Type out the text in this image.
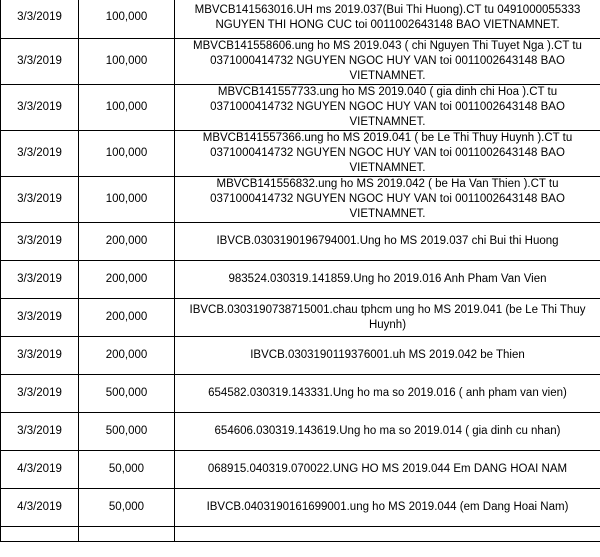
3/3/2019	100,000	MBVCB141563016.UH ms 2019.037(Bui Thi Huong).CT tu 0491000055333 NGUYEN THI HONG CUC toi 0011002643148 BAO VIETNAMNET.
3/3/2019	100,000	MBVCB141558606.ung ho MS 2019.043 ( chi Nguyen Thi Tuyet Nga ).CT tu 0371000414732 NGUYEN NGOC HUY VAN toi 0011002643148 BAO VIETNAMNET.
3/3/2019	100,000	MBVCB141557733.ung ho MS 2019.040 ( gia dinh chi Hoa ).CT tu 0371000414732 NGUYEN NGOC HUY VAN toi 0011002643148 BAO VIETNAMNET.
3/3/2019	100,000	MBVCB141557366.ung ho MS 2019.041 ( be Le Thi Thuy Huynh ).CT tu 0371000414732 NGUYEN NGOC HUY VAN toi 0011002643148 BAO VIETNAMNET.
3/3/2019	100,000	MBVCB141556832.ung ho MS 2019.042 ( be Ha Van Thien ).CT tu 0371000414732 NGUYEN NGOC HUY VAN toi 0011002643148 BAO VIETNAMNET.
3/3/2019	200,000	IBVCB.0303190196794001.Ung ho MS 2019.037 chi Bui thi Huong
3/3/2019	200,000	983524.030319.141859.Ung ho 2019.016 Anh Pham Van Vien
3/3/2019	200,000	IBVCB.0303190738715001.chau tphcm ung ho MS 2019.041 (be Le Thi Thuy Huynh)
3/3/2019	200,000	IBVCB.0303190119376001.uh MS 2019.042 be Thien
3/3/2019	500,000	654582.030319.143331.Ung ho ma so 2019.016 ( anh pham van vien)
3/3/2019	500,000	654606.030319.143619.Ung ho ma so 2019.014 ( gia dinh cu nhan)
4/3/2019	50,000	068915.040319.070022.UNG HO MS 2019.044 Em DANG HOAI NAM
4/3/2019	50,000	IBVCB.0403190161699001.ung ho MS 2019.044 (em Dang Hoai Nam)
